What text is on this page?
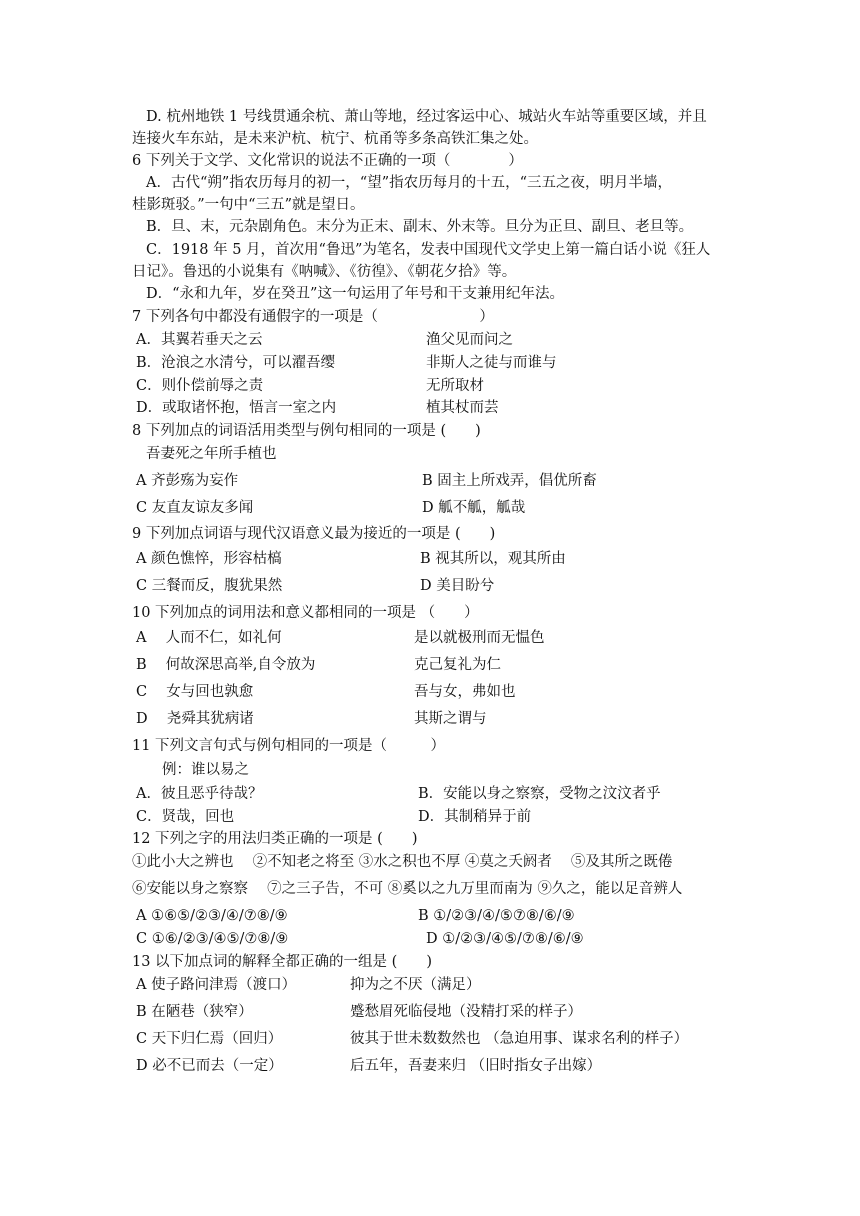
D. 杭州地铁 1 号线贯通余杭、萧山等地，经过客运中心、城站火车站等重要区域，并且
连接火车东站，是未来沪杭、杭宁、杭甬等多条高铁汇集之处。
6 下列关于文学、文化常识的说法不正确的一项（　　　　）
A．古代“朔”指农历每月的初一，“望”指农历每月的十五，“三五之夜，明月半墙，
桂影斑驳。”一句中“三五”就是望日。
B．旦、末，元杂剧角色。末分为正末、副末、外末等。旦分为正旦、副旦、老旦等。
C．1918 年 5 月，首次用“鲁迅”为笔名，发表中国现代文学史上第一篇白话小说《狂人
日记》。鲁迅的小说集有《呐喊》、《彷徨》、《朝花夕拾》等。
D．“永和九年，岁在癸丑”这一句运用了年号和干支兼用纪年法。
7 下列各句中都没有通假字的一项是（　　　　　　　）
A．其翼若垂天之云	渔父见而问之
B．沧浪之水清兮，可以濯吾缨	非斯人之徒与而谁与
C．则仆偿前辱之责	无所取材
D．或取诸怀抱，悟言一室之内	植其杖而芸
8 下列加点的词语活用类型与例句相同的一项是 (　　)
吾妻死之年所手植也
A 齐彭殇为妄作	B 固主上所戏弄，倡优所畜
C 友直友谅友多闻	D 觚不觚，觚哉
9 下列加点词语与现代汉语意义最为接近的一项是 (　　)
A 颜色憔悴，形容枯槁	B 视其所以，观其所由
C 三餐而反，腹犹果然	D 美目盼兮
10 下列加点的词用法和意义都相同的一项是 （　　）
A　 人而不仁，如礼何	是以就极刑而无愠色
B　 何故深思高举,自令放为	克己复礼为仁
C　 女与回也孰愈	吾与女，弗如也
D　 尧舜其犹病诸	其斯之谓与
11 下列文言句式与例句相同的一项是（　　　）
例：谁以易之
A．彼且恶乎待哉？	B．安能以身之察察，受物之汶汶者乎
C．贤哉，回也	D．其制稍异于前
12 下列之字的用法归类正确的一项是 (　　)
①此小大之辨也　 ②不知老之将至 ③水之积也不厚 ④莫之夭阏者 　⑤及其所之既倦
⑥安能以身之察察 　⑦之三子告，不可 ⑧奚以之九万里而南为 ⑨久之，能以足音辨人
A ①⑥⑤/②③/④/⑦⑧/⑨	B ①/②③/④/⑤⑦⑧/⑥/⑨
C ①⑥/②③/④⑤/⑦⑧/⑨	D ①/②③/④⑤/⑦⑧/⑥/⑨
13 以下加点词的解释全都正确的一组是 (　　)
A 使子路问津焉（渡口）	抑为之不厌（满足）
B 在陋巷（狭窄）	蹙愁眉死临侵地（没精打采的样子）
C 天下归仁焉（回归）	彼其于世未数数然也 （急迫用事、谋求名利的样子）
D 必不已而去（一定）	后五年，吾妻来归 （旧时指女子出嫁）
